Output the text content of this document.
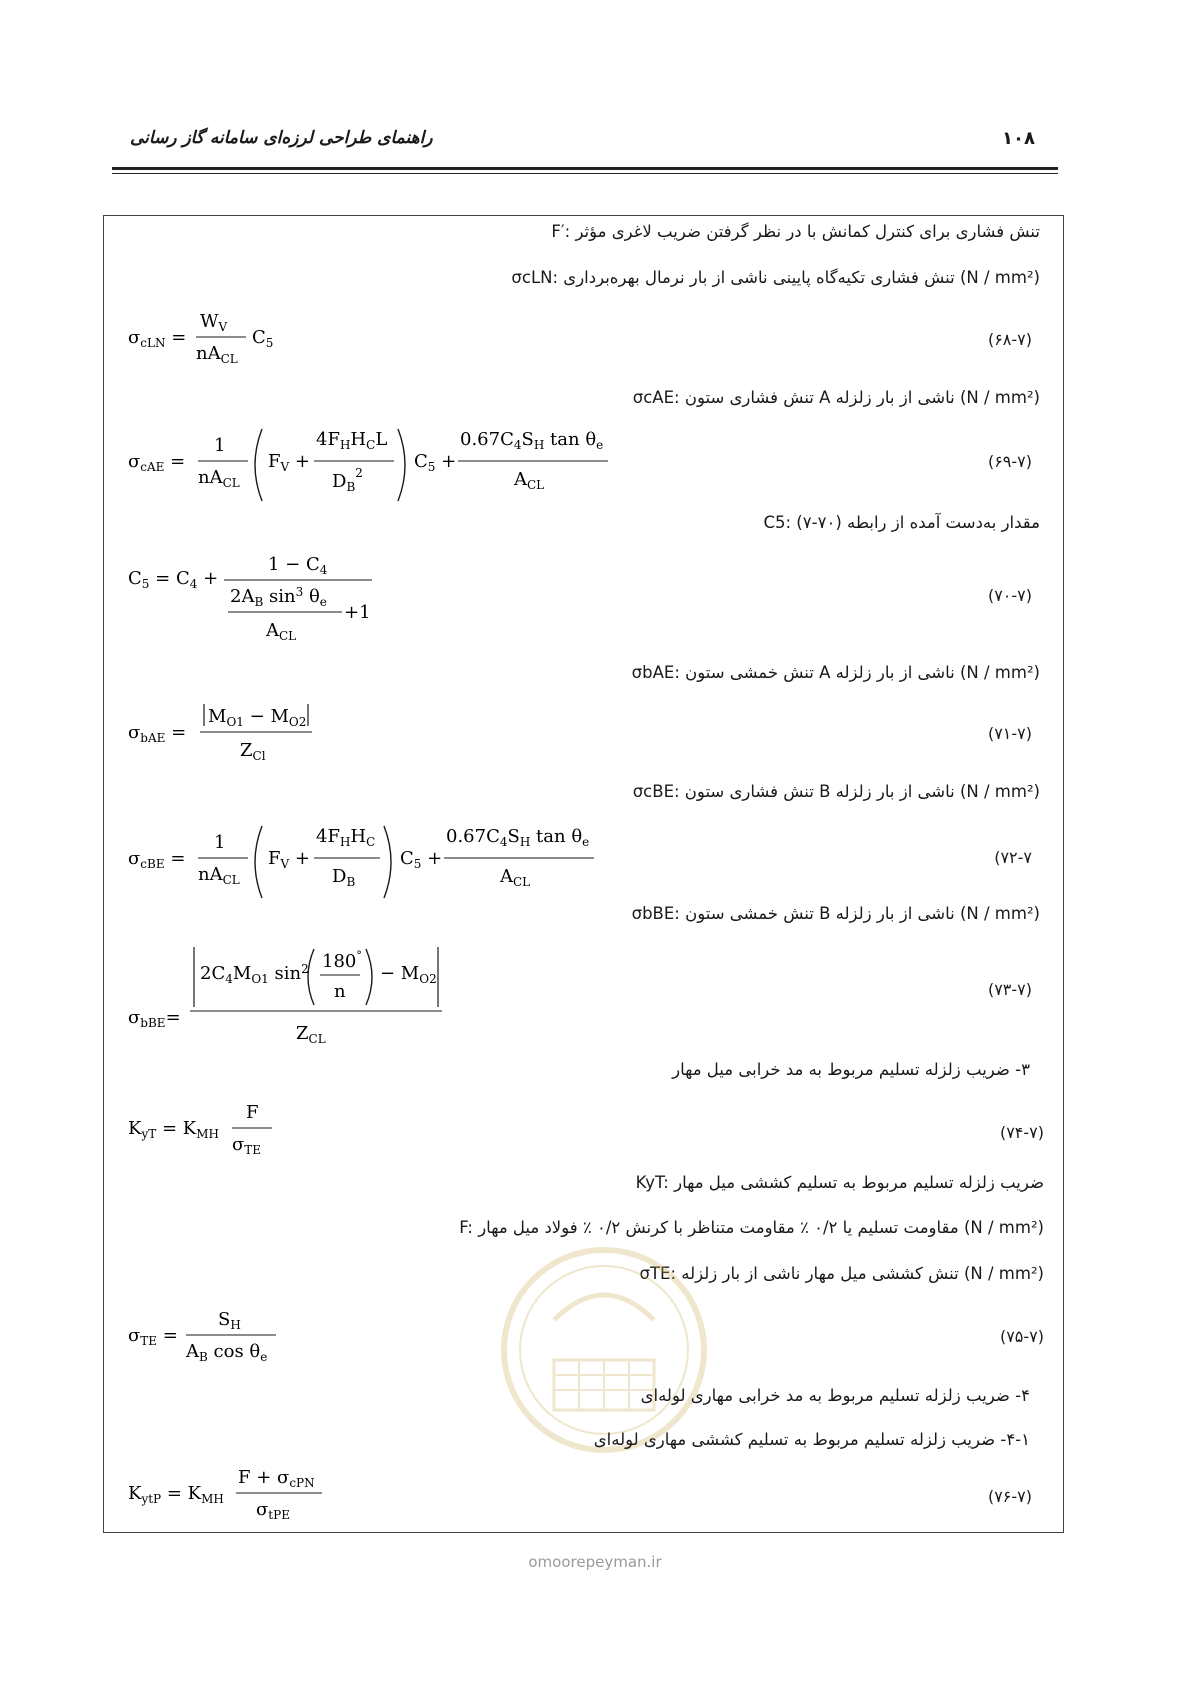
راهنمای طراحی لرزه‌ای سامانه گاز رسانی	۱۰۸
F′: تنش فشاری برای کنترل کمانش با در نظر گرفتن ضریب لاغری مؤثر
σcLN: تنش فشاری تکیه‌گاه پایینی ناشی از بار نرمال بهره‌برداری (N / mm²)
$\sigma_{cLN}$ =
$W_V$
$nA_{CL}$
$C_5$	(۶۸-۷)
σcAE: تنش فشاری ستون A ناشی از بار زلزله (N / mm²)
$\sigma_{cAE}$ =
1
$nA_{CL}$
$F_V$ +
$4F_HH_CL$
$D_B^2$
$C_5$ +
$0.67C_4S_H$ $\tan \theta_e$
$A_{CL}$
(۶۹-۷)
C5: مقدار به‌دست آمده از رابطه (۷۰-۷)
$C_5 = C_4$ +
$1 - C_4$
$2A_B$ $\sin^3 \theta_e +1$
$A_{CL}$
(۷۰-۷)
σbAE: تنش خمشی ستون A ناشی از بار زلزله (N / mm²)
$\sigma_{bAE}$ =
$M_{O1} - M_{O2}$
$Z_{Cl}$
(۷۱-۷)
σcBE: تنش فشاری ستون B ناشی از بار زلزله (N / mm²)
$\sigma_{cBE}$ =
1
$nA_{CL}$
$F_V$ +
$4F_HH_C$
$D_B$
$C_5$ +
$0.67C_4S_H$ $\tan \theta_e$
$A_{CL}$
۷۲-۷)
σbBE: تنش خمشی ستون B ناشی از بار زلزله (N / mm²)
$\sigma_{bBE}=$
$2C_4M_{O1}$ $\sin^2 180^\circ$
n
− $M_{O2}$
$Z_{CL}$
(۷۳-۷)
۳- ضریب زلزله تسلیم مربوط به مد خرابی میل مهار
$K_{yT} = K_{MH}$
F
$\sigma_{TE}$
(۷۴-۷)
KyT: ضریب زلزله تسلیم مربوط به تسلیم کششی میل مهار
F: مقاومت تسلیم یا ۰/۲ ٪ مقاومت متناظر با کرنش ۰/۲ ٪ فولاد میل مهار (N / mm²)
σTE: تنش کششی میل مهار ناشی از بار زلزله (N / mm²)
$\sigma_{TE}$ =
$S_H$
$A_B$ $\cos \theta_e$
(۷۵-۷)
۴- ضریب زلزله تسلیم مربوط به مد خرابی مهاری لوله‌ای
۴-۱- ضریب زلزله تسلیم مربوط به تسلیم کششی مهاری لوله‌ای
$K_{ytP} = K_{MH}$
$F + \sigma_{cPN}$
$\sigma_{tPE}$
(۷۶-۷)
omoorepeyman.ir
